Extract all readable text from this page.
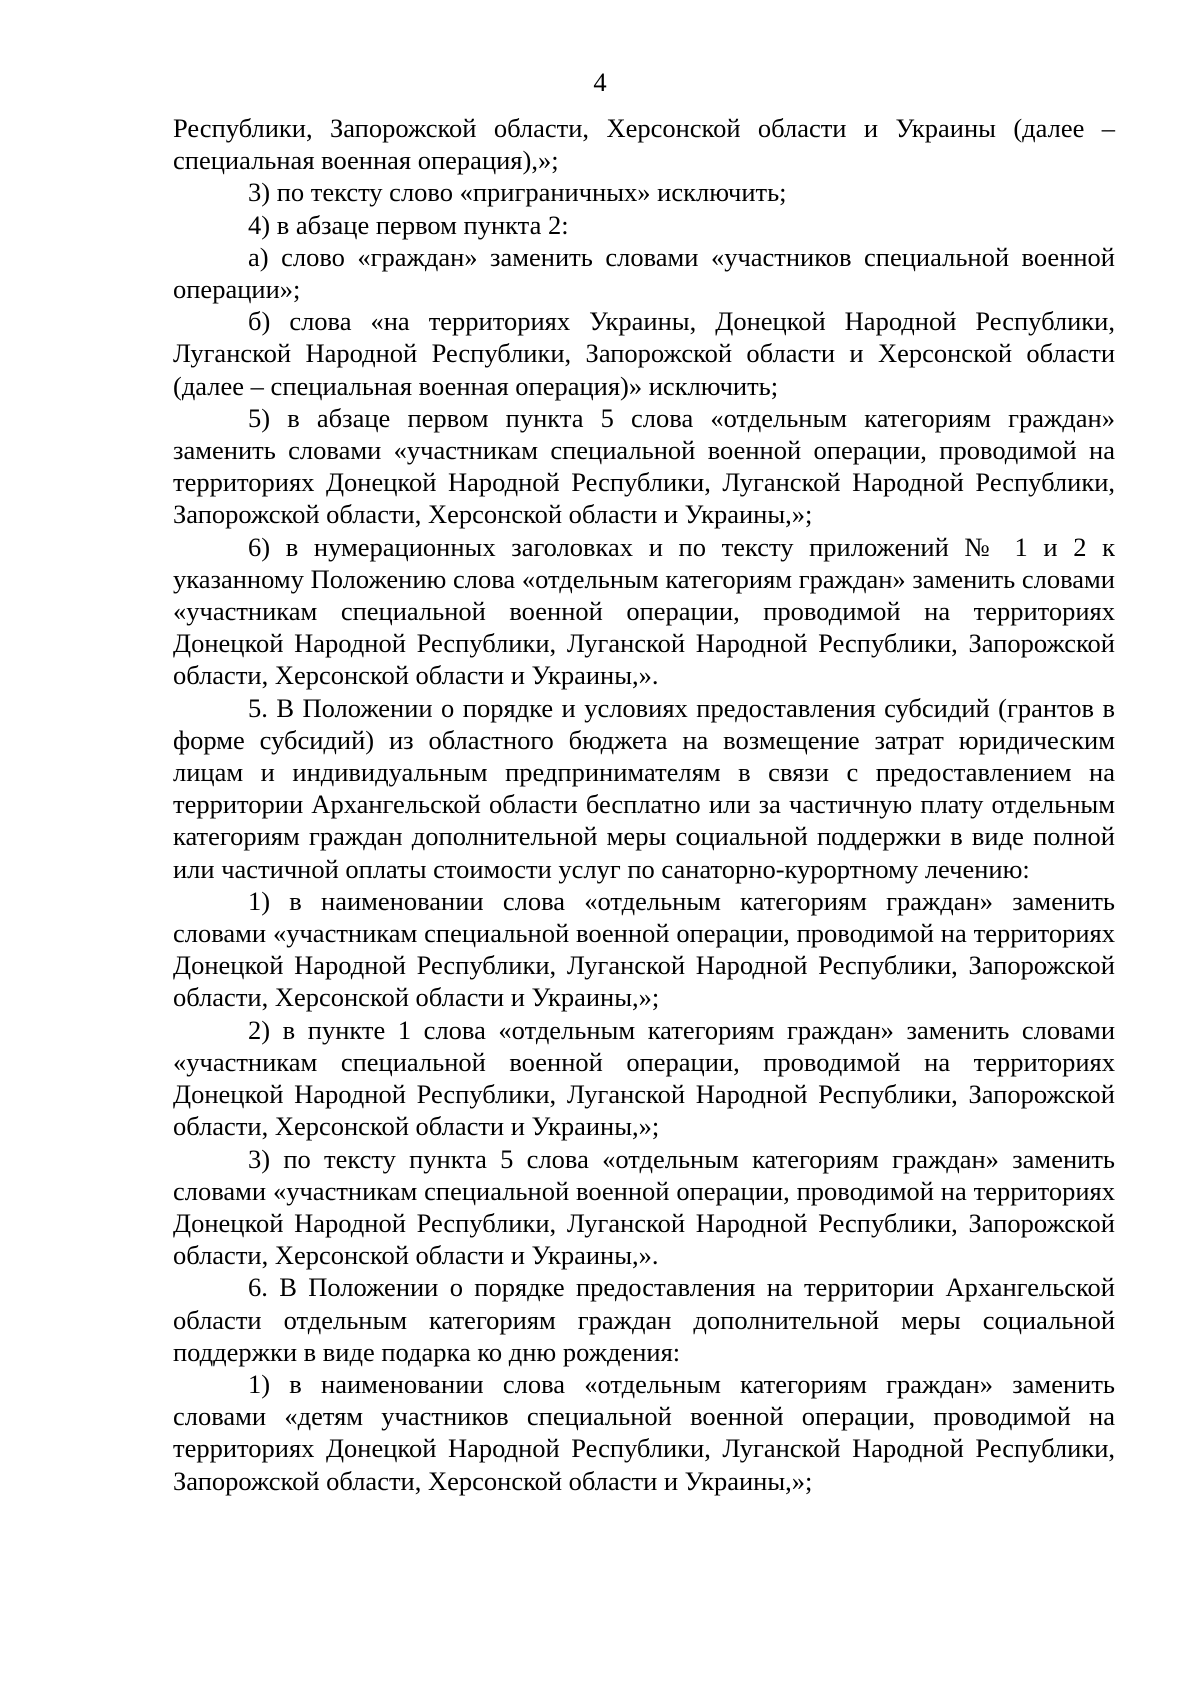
4

Республики, Запорожской области, Херсонской области и Украины (далее – специальная военная операция),»;

3) по тексту слово «приграничных» исключить;

4) в абзаце первом пункта 2:

а) слово «граждан» заменить словами «участников специальной военной операции»;

б) слова «на территориях Украины, Донецкой Народной Республики, Луганской Народной Республики, Запорожской области и Херсонской области (далее – специальная военная операция)» исключить;

5) в абзаце первом пункта 5 слова «отдельным категориям граждан» заменить словами «участникам специальной военной операции, проводимой на территориях Донецкой Народной Республики, Луганской Народной Республики, Запорожской области, Херсонской области и Украины,»;

6) в нумерационных заголовках и по тексту приложений № 1 и 2 к указанному Положению слова «отдельным категориям граждан» заменить словами «участникам специальной военной операции, проводимой на территориях Донецкой Народной Республики, Луганской Народной Республики, Запорожской области, Херсонской области и Украины,».

5. В Положении о порядке и условиях предоставления субсидий (грантов в форме субсидий) из областного бюджета на возмещение затрат юридическим лицам и индивидуальным предпринимателям в связи с предоставлением на территории Архангельской области бесплатно или за частичную плату отдельным категориям граждан дополнительной меры социальной поддержки в виде полной или частичной оплаты стоимости услуг по санаторно-курортному лечению:

1) в наименовании слова «отдельным категориям граждан» заменить словами «участникам специальной военной операции, проводимой на территориях Донецкой Народной Республики, Луганской Народной Республики, Запорожской области, Херсонской области и Украины,»;

2) в пункте 1 слова «отдельным категориям граждан» заменить словами «участникам специальной военной операции, проводимой на территориях Донецкой Народной Республики, Луганской Народной Республики, Запорожской области, Херсонской области и Украины,»;

3) по тексту пункта 5 слова «отдельным категориям граждан» заменить словами «участникам специальной военной операции, проводимой на территориях Донецкой Народной Республики, Луганской Народной Республики, Запорожской области, Херсонской области и Украины,».

6. В Положении о порядке предоставления на территории Архангельской области отдельным категориям граждан дополнительной меры социальной поддержки в виде подарка ко дню рождения:

1) в наименовании слова «отдельным категориям граждан» заменить словами «детям участников специальной военной операции, проводимой на территориях Донецкой Народной Республики, Луганской Народной Республики, Запорожской области, Херсонской области и Украины,»;
